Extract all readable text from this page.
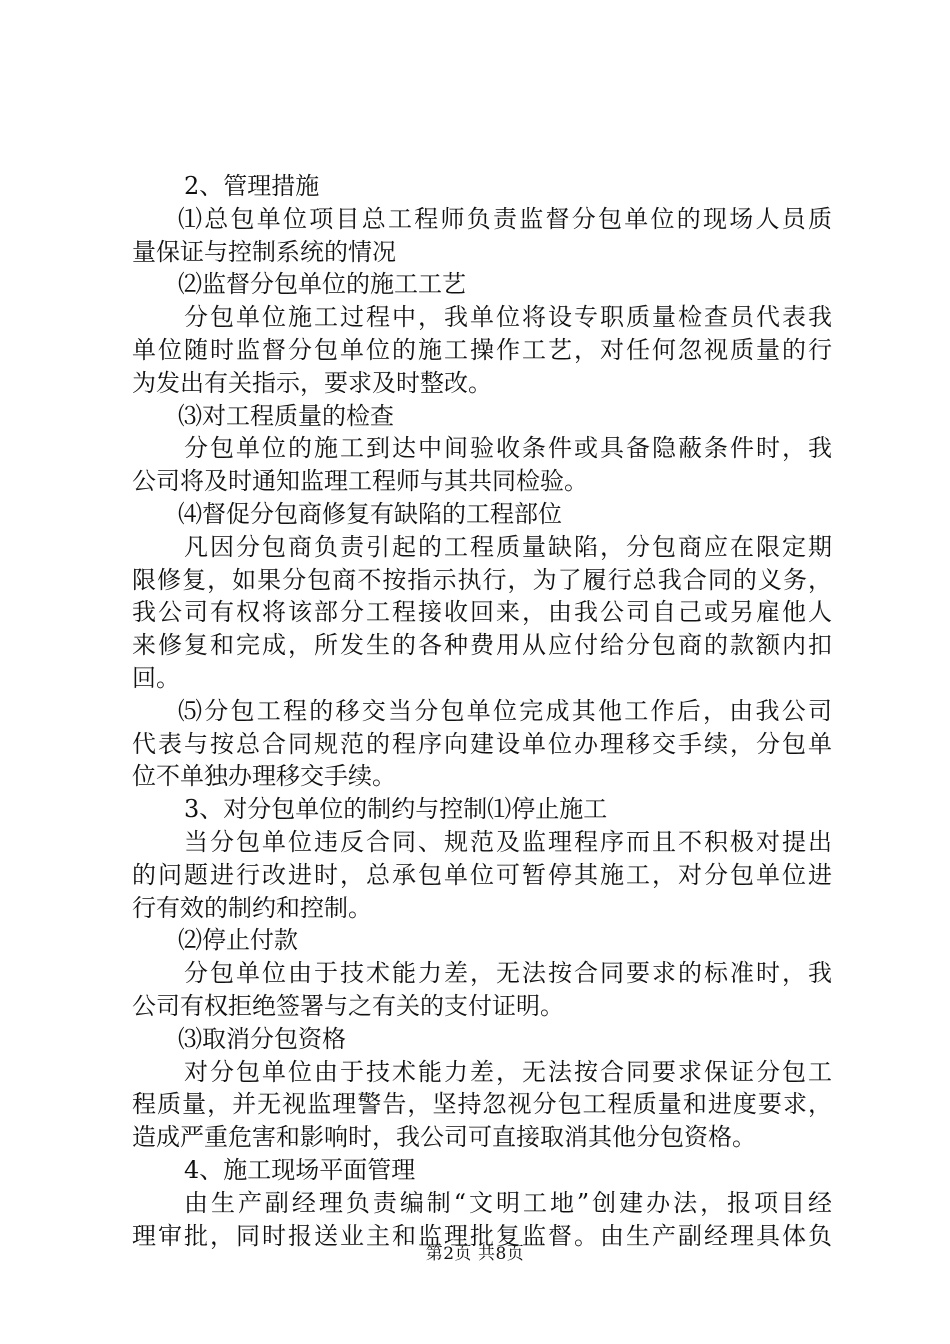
2、管理措施
⑴总包单位项目总工程师负责监督分包单位的现场人员质
量保证与控制系统的情况
⑵监督分包单位的施工工艺
分包单位施工过程中，我单位将设专职质量检查员代表我
单位随时监督分包单位的施工操作工艺，对任何忽视质量的行
为发出有关指示，要求及时整改。
⑶对工程质量的检查
分包单位的施工到达中间验收条件或具备隐蔽条件时，我
公司将及时通知监理工程师与其共同检验。
⑷督促分包商修复有缺陷的工程部位
凡因分包商负责引起的工程质量缺陷，分包商应在限定期
限修复，如果分包商不按指示执行，为了履行总我合同的义务，
我公司有权将该部分工程接收回来，由我公司自己或另雇他人
来修复和完成，所发生的各种费用从应付给分包商的款额内扣
回。
⑸分包工程的移交当分包单位完成其他工作后，由我公司
代表与按总合同规范的程序向建设单位办理移交手续，分包单
位不单独办理移交手续。
3、对分包单位的制约与控制⑴停止施工
当分包单位违反合同、规范及监理程序而且不积极对提出
的问题进行改进时，总承包单位可暂停其施工，对分包单位进
行有效的制约和控制。
⑵停止付款
分包单位由于技术能力差，无法按合同要求的标准时，我
公司有权拒绝签署与之有关的支付证明。
⑶取消分包资格
对分包单位由于技术能力差，无法按合同要求保证分包工
程质量，并无视监理警告，坚持忽视分包工程质量和进度要求，
造成严重危害和影响时，我公司可直接取消其他分包资格。
4、施工现场平面管理
由生产副经理负责编制“文明工地”创建办法，报项目经
理审批，同时报送业主和监理批复监督。由生产副经理具体负
第2页 共8页
